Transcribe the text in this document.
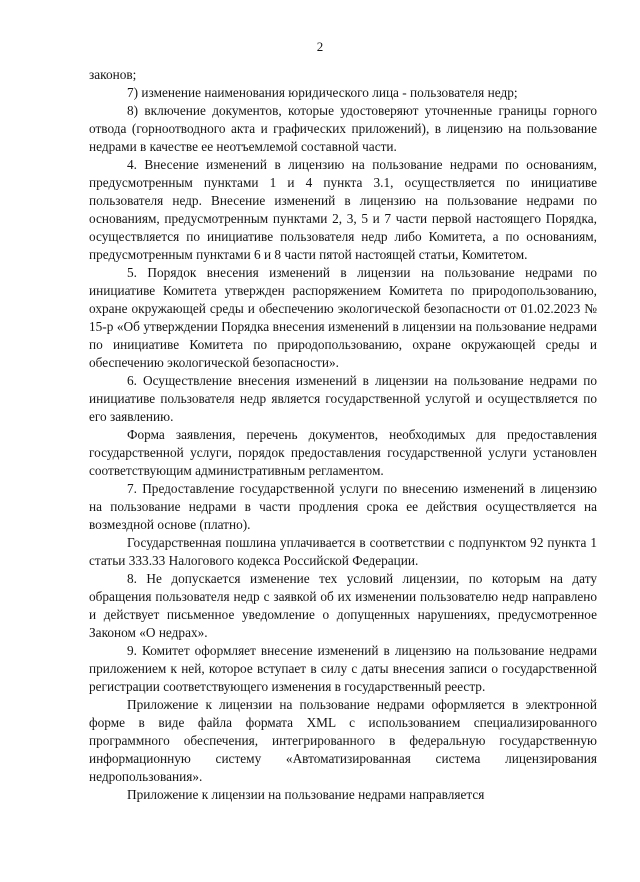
2

законов;

7) изменение наименования юридического лица - пользователя недр;

8) включение документов, которые удостоверяют уточненные границы горного отвода (горноотводного акта и графических приложений), в лицензию на пользование недрами в качестве ее неотъемлемой составной части.

4. Внесение изменений в лицензию на пользование недрами по основаниям, предусмотренным пунктами 1 и 4 пункта 3.1, осуществляется по инициативе пользователя недр. Внесение изменений в лицензию на пользование недрами по основаниям, предусмотренным пунктами 2, 3, 5 и 7 части первой настоящего Порядка, осуществляется по инициативе пользователя недр либо Комитета, а по основаниям, предусмотренным пунктами 6 и 8 части пятой настоящей статьи, Комитетом.

5. Порядок внесения изменений в лицензии на пользование недрами по инициативе Комитета утвержден распоряжением Комитета по природопользованию, охране окружающей среды и обеспечению экологической безопасности от 01.02.2023 № 15-р «Об утверждении Порядка внесения изменений в лицензии на пользование недрами по инициативе Комитета по природопользованию, охране окружающей среды и обеспечению экологической безопасности».

6. Осуществление внесения изменений в лицензии на пользование недрами по инициативе пользователя недр является государственной услугой и осуществляется по его заявлению.

Форма заявления, перечень документов, необходимых для предоставления государственной услуги, порядок предоставления государственной услуги установлен соответствующим административным регламентом.

7. Предоставление государственной услуги по внесению изменений в лицензию на пользование недрами в части продления срока ее действия осуществляется на возмездной основе (платно).

Государственная пошлина уплачивается в соответствии с подпунктом 92 пункта 1 статьи 333.33 Налогового кодекса Российской Федерации.

8. Не допускается изменение тех условий лицензии, по которым на дату обращения пользователя недр с заявкой об их изменении пользователю недр направлено и действует письменное уведомление о допущенных нарушениях, предусмотренное Законом «О недрах».

9. Комитет оформляет внесение изменений в лицензию на пользование недрами приложением к ней, которое вступает в силу с даты внесения записи о государственной регистрации соответствующего изменения в государственный реестр.

Приложение к лицензии на пользование недрами оформляется в электронной форме в виде файла формата XML с использованием специализированного программного обеспечения, интегрированного в федеральную государственную информационную систему «Автоматизированная система лицензирования недропользования».

Приложение к лицензии на пользование недрами направляется
